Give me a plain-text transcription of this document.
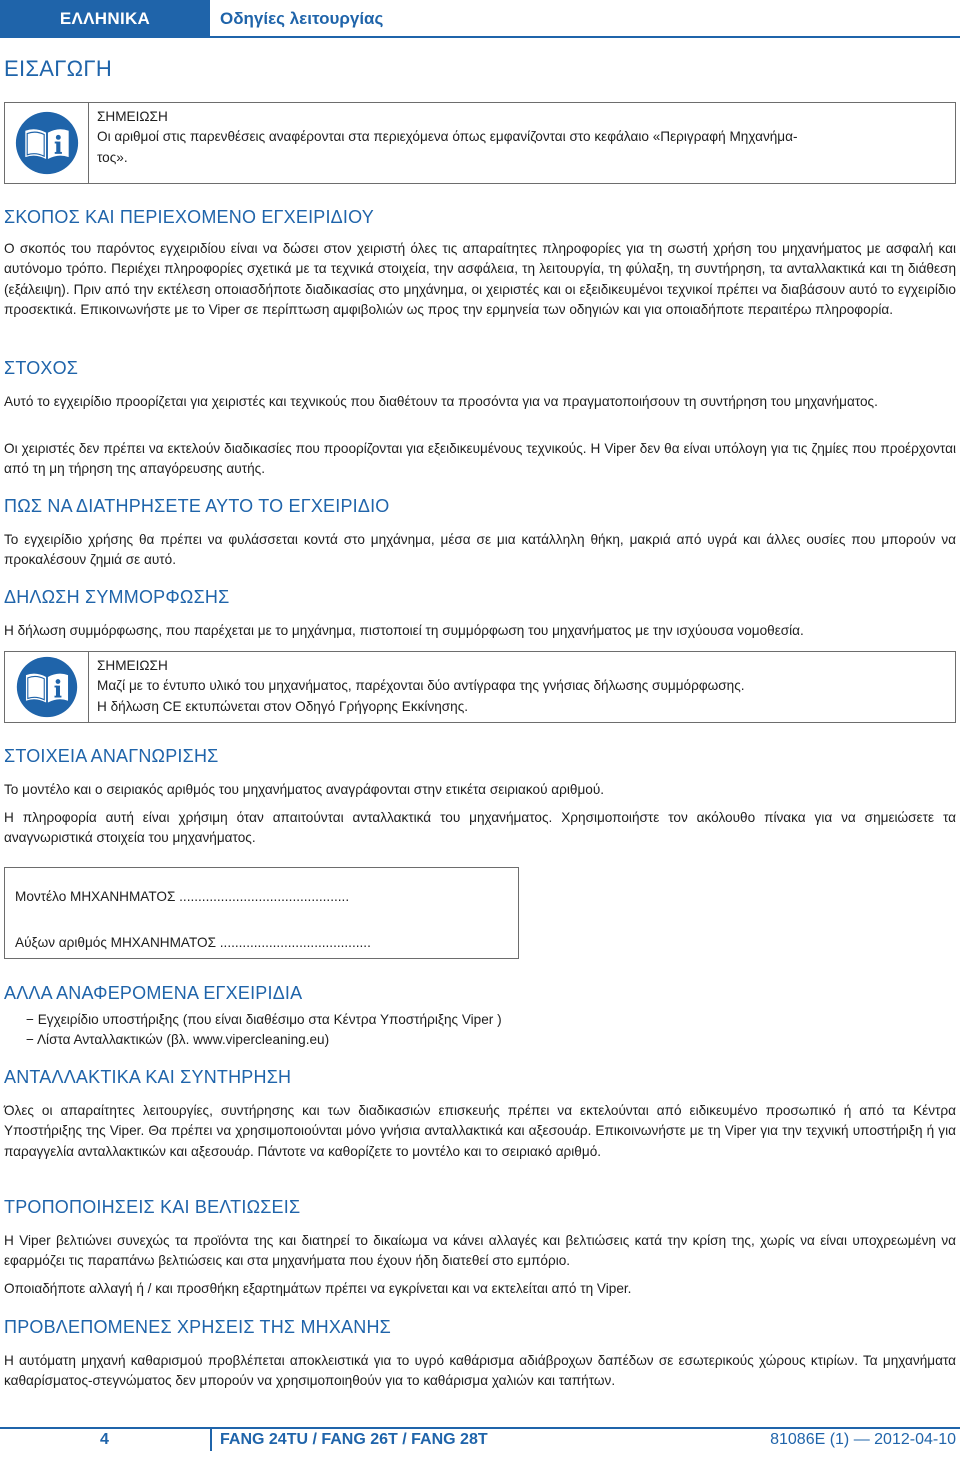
ΕΛΛΗΝΙΚΑ	Οδηγίες λειτουργίας
ΕΙΣΑΓΩΓΗ
ΣΗΜΕΙΩΣΗ
Οι αριθμοί στις παρενθέσεις αναφέρονται στα περιεχόμενα όπως εμφανίζονται στο κεφάλαιο «Περιγραφή Μηχανήμα-
τος».
ΣΚΟΠΟΣ ΚΑΙ ΠΕΡΙΕΧΟΜΕΝΟ ΕΓΧΕΙΡΙΔΙΟΥ
Ο σκοπός του παρόντος εγχειριδίου είναι να δώσει στον χειριστή όλες τις απαραίτητες πληροφορίες για τη σωστή χρήση του μηχανήματος με ασφαλή και αυτόνομο τρόπο. Περιέχει πληροφορίες σχετικά με τα τεχνικά στοιχεία, την ασφάλεια, τη λειτουργία, τη φύλαξη, τη συντήρηση, τα ανταλλακτικά και τη διάθεση (εξάλειψη). Πριν από την εκτέλεση οποιασδήποτε διαδικασίας στο μηχάνημα, οι χειριστές και οι εξειδικευμένοι τεχνικοί πρέπει να διαβάσουν αυτό το εγχειρίδιο προσεκτικά. Επικοινωνήστε με το Viper σε περίπτωση αμφιβολιών ως προς την ερμηνεία των οδηγιών και για οποιαδήποτε περαιτέρω πληροφορία.
ΣΤΟΧΟΣ
Αυτό το εγχειρίδιο προορίζεται για χειριστές και τεχνικούς που διαθέτουν τα προσόντα για να πραγματοποιήσουν τη συντήρηση του μηχανήματος.
Οι χειριστές δεν πρέπει να εκτελούν διαδικασίες που προορίζονται για εξειδικευμένους τεχνικούς. Η Viper δεν θα είναι υπόλογη για τις ζημίες που προέρχονται από τη μη τήρηση της απαγόρευσης αυτής.
ΠΩΣ ΝΑ ΔΙΑΤΗΡΗΣΕΤΕ ΑΥΤΟ ΤΟ ΕΓΧΕΙΡΙΔΙΟ
Το εγχειρίδιο χρήσης θα πρέπει να φυλάσσεται κοντά στο μηχάνημα, μέσα σε μια κατάλληλη θήκη, μακριά από υγρά και άλλες ουσίες που μπορούν να προκαλέσουν ζημιά σε αυτό.
ΔΗΛΩΣΗ ΣΥΜΜΟΡΦΩΣΗΣ
Η δήλωση συμμόρφωσης, που παρέχεται με το μηχάνημα, πιστοποιεί τη συμμόρφωση του μηχανήματος με την ισχύουσα νομοθεσία.
ΣΗΜΕΙΩΣΗ
Μαζί με το έντυπο υλικό του μηχανήματος, παρέχονται δύο αντίγραφα της γνήσιας δήλωσης συμμόρφωσης.
Η δήλωση CE εκτυπώνεται στον Οδηγό Γρήγορης Εκκίνησης.
ΣΤΟΙΧΕΙΑ ΑΝΑΓΝΩΡΙΣΗΣ
Το μοντέλο και ο σειριακός αριθμός του μηχανήματος αναγράφονται στην ετικέτα σειριακού αριθμού.
Η πληροφορία αυτή είναι χρήσιμη όταν απαιτούνται ανταλλακτικά του μηχανήματος. Χρησιμοποιήστε τον ακόλουθο πίνακα για να σημειώσετε τα αναγνωριστικά στοιχεία του μηχανήματος.
Μοντέλο ΜΗΧΑΝΗΜΑΤΟΣ .............................................
Αύξων αριθμός ΜΗΧΑΝΗΜΑΤΟΣ ........................................
ΑΛΛΑ ΑΝΑΦΕΡΟΜΕΝΑ ΕΓΧΕΙΡΙΔΙΑ
− Εγχειρίδιο υποστήριξης (που είναι διαθέσιμο στα Κέντρα Υποστήριξης Viper )
− Λίστα Ανταλλακτικών (βλ. www.vipercleaning.eu)
ΑΝΤΑΛΛΑΚΤΙΚΑ ΚΑΙ ΣΥΝΤΗΡΗΣΗ
Όλες οι απαραίτητες λειτουργίες, συντήρησης και των διαδικασιών επισκευής πρέπει να εκτελούνται από ειδικευμένο προσωπικό ή από τα Κέντρα Υποστήριξης της Viper. Θα πρέπει να χρησιμοποιούνται μόνο γνήσια ανταλλακτικά και αξεσουάρ. Επικοινωνήστε με τη Viper για την τεχνική υποστήριξη ή για παραγγελία ανταλλακτικών και αξεσουάρ. Πάντοτε να καθορίζετε το μοντέλο και το σειριακό αριθμό.
ΤΡΟΠΟΠΟΙΗΣΕΙΣ ΚΑΙ ΒΕΛΤΙΩΣΕΙΣ
Η Viper βελτιώνει συνεχώς τα προϊόντα της και διατηρεί το δικαίωμα να κάνει αλλαγές και βελτιώσεις κατά την κρίση της, χωρίς να είναι υποχρεωμένη να εφαρμόζει τις παραπάνω βελτιώσεις και στα μηχανήματα που έχουν ήδη διατεθεί στο εμπόριο.
Οποιαδήποτε αλλαγή ή / και προσθήκη εξαρτημάτων πρέπει να εγκρίνεται και να εκτελείται από τη Viper.
ΠΡΟΒΛΕΠΟΜΕΝΕΣ ΧΡΗΣΕΙΣ ΤΗΣ ΜΗΧΑΝΗΣ
Η αυτόματη μηχανή καθαρισμού προβλέπεται αποκλειστικά για το υγρό καθάρισμα αδιάβροχων δαπέδων σε εσωτερικούς χώρους κτιρίων. Τα μηχανήματα καθαρίσματος-στεγνώματος δεν μπορούν να χρησιμοποιηθούν για το καθάρισμα χαλιών και ταπήτων.
4	FANG 24TU / FANG 26T / FANG 28T	81086E (1) — 2012-04-10
